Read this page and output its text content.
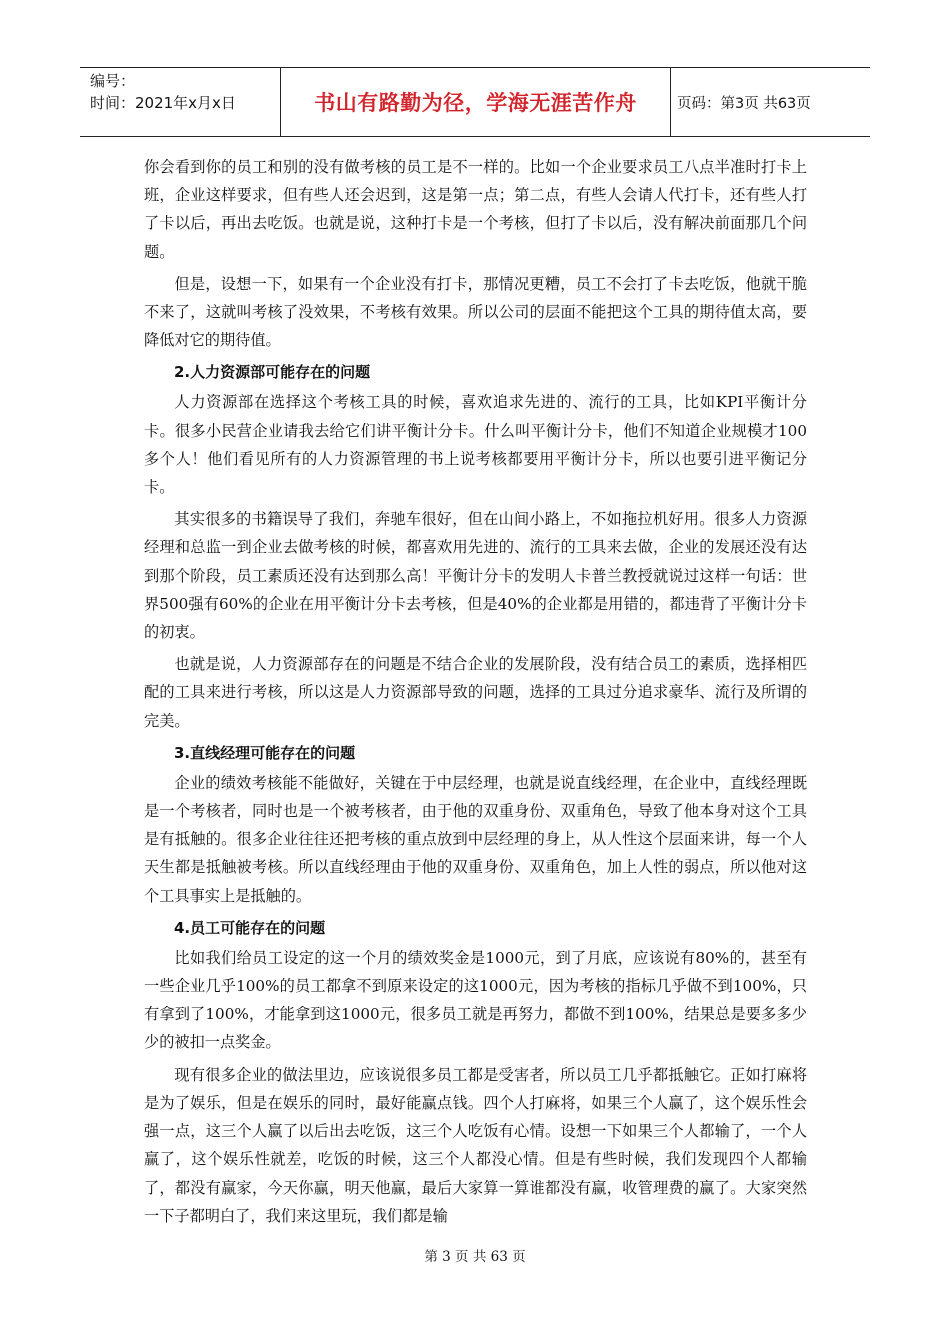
编号：
时间：2021年x月x日	书山有路勤为径，学海无涯苦作舟	页码：第3页 共63页

你会看到你的员工和别的没有做考核的员工是不一样的。比如一个企业要求员工八点半准时打卡上班，企业这样要求，但有些人还会迟到，这是第一点；第二点，有些人会请人代打卡，还有些人打了卡以后，再出去吃饭。也就是说，这种打卡是一个考核，但打了卡以后，没有解决前面那几个问题。

但是，设想一下，如果有一个企业没有打卡，那情况更糟，员工不会打了卡去吃饭，他就干脆不来了，这就叫考核了没效果，不考核有效果。所以公司的层面不能把这个工具的期待值太高，要降低对它的期待值。

2.人力资源部可能存在的问题

人力资源部在选择这个考核工具的时候，喜欢追求先进的、流行的工具，比如KPI平衡计分卡。很多小民营企业请我去给它们讲平衡计分卡。什么叫平衡计分卡，他们不知道企业规模才100多个人！他们看见所有的人力资源管理的书上说考核都要用平衡计分卡，所以也要引进平衡记分卡。

其实很多的书籍误导了我们，奔驰车很好，但在山间小路上，不如拖拉机好用。很多人力资源经理和总监一到企业去做考核的时候，都喜欢用先进的、流行的工具来去做，企业的发展还没有达到那个阶段，员工素质还没有达到那么高！平衡计分卡的发明人卡普兰教授就说过这样一句话：世界500强有60%的企业在用平衡计分卡去考核，但是40%的企业都是用错的，都违背了平衡计分卡的初衷。

也就是说，人力资源部存在的问题是不结合企业的发展阶段，没有结合员工的素质，选择相匹配的工具来进行考核，所以这是人力资源部导致的问题，选择的工具过分追求豪华、流行及所谓的完美。

3.直线经理可能存在的问题

企业的绩效考核能不能做好，关键在于中层经理，也就是说直线经理，在企业中，直线经理既是一个考核者，同时也是一个被考核者，由于他的双重身份、双重角色，导致了他本身对这个工具是有抵触的。很多企业往往还把考核的重点放到中层经理的身上，从人性这个层面来讲，每一个人天生都是抵触被考核。所以直线经理由于他的双重身份、双重角色，加上人性的弱点，所以他对这个工具事实上是抵触的。

4.员工可能存在的问题

比如我们给员工设定的这一个月的绩效奖金是1000元，到了月底，应该说有80%的，甚至有一些企业几乎100%的员工都拿不到原来设定的这1000元，因为考核的指标几乎做不到100%，只有拿到了100%，才能拿到这1000元，很多员工就是再努力，都做不到100%，结果总是要多多少少的被扣一点奖金。

现有很多企业的做法里边，应该说很多员工都是受害者，所以员工几乎都抵触它。正如打麻将是为了娱乐，但是在娱乐的同时，最好能赢点钱。四个人打麻将，如果三个人赢了，这个娱乐性会强一点，这三个人赢了以后出去吃饭，这三个人吃饭有心情。设想一下如果三个人都输了，一个人赢了，这个娱乐性就差，吃饭的时候，这三个人都没心情。但是有些时候，我们发现四个人都输了，都没有赢家，今天你赢，明天他赢，最后大家算一算谁都没有赢，收管理费的赢了。大家突然一下子都明白了，我们来这里玩，我们都是输

第 3 页 共 63 页
